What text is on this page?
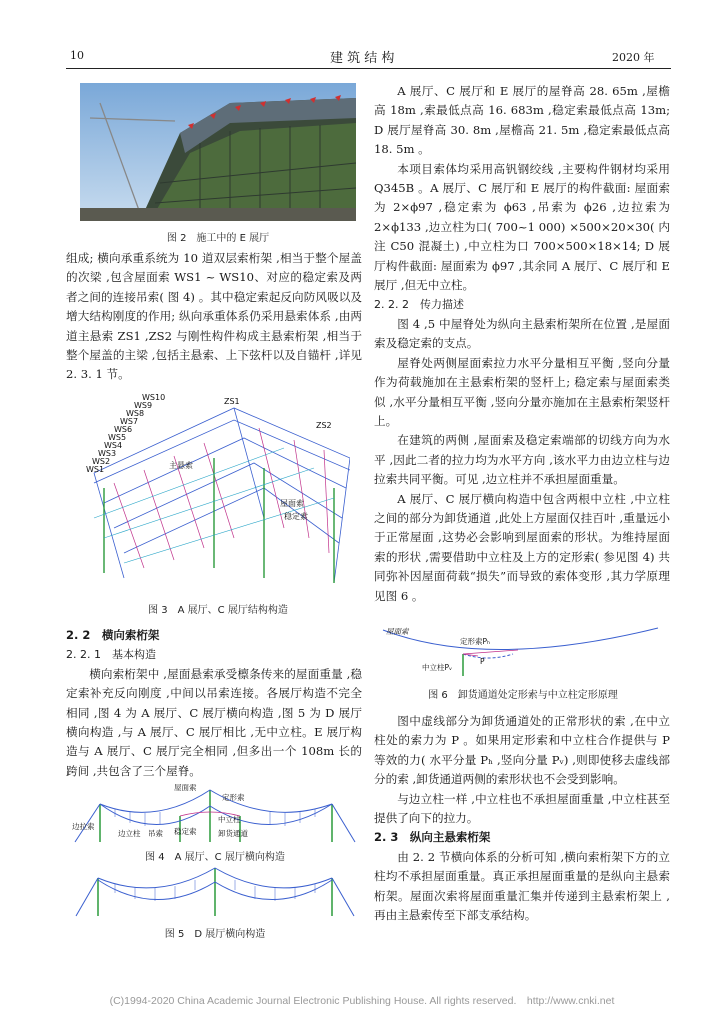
10	建 筑 结 构	2020 年
图 2　施工中的 E 展厅

组成; 横向承重系统为 10 道双层索桁架 ,相当于整个屋盖的次梁 ,包含屋面索 WS1 ~ WS10、对应的稳定索及两者之间的连接吊索( 图 4) 。其中稳定索起反向防风吸以及增大结构刚度的作用; 纵向承重体系仍采用悬索体系 ,由两道主悬索 ZS1 ,ZS2 与刚性构件构成主悬索桁架 ,相当于整个屋盖的主梁 ,包括主悬索、上下弦杆以及自锚杆 ,详见 2. 3. 1 节。

WS10
WS9
WS8
WS7
WS6
WS5
WS4
WS3
WS2
WS1
ZS1
ZS2
主悬索
屋面索
稳定索
图 3　A 展厅、C 展厅结构构造

2. 2　横向索桁架

2. 2. 1　基本构造

横向索桁架中 ,屋面悬索承受檩条传来的屋面重量 ,稳定索补充反向刚度 ,中间以吊索连接。各展厅构造不完全相同 ,图 4 为 A 展厅、C 展厅横向构造 ,图 5 为 D 展厅横向构造 ,与 A 展厅、C 展厅相比 ,无中立柱。E 展厅构造与 A 展厅、C 展厅完全相同 ,但多出一个 108m 长的跨间 ,共包含了三个屋脊。

屋面索
定形索
边拉索
边立柱 吊索 稳定索
中立柱
卸货通道
图 4　A 展厅、C 展厅横向构造
图 5　D 展厅横向构造

A 展厅、C 展厅和 E 展厅的屋脊高 28. 65m ,屋檐高 18m ,索最低点高 16. 683m ,稳定索最低点高 13m; D 展厅屋脊高 30. 8m ,屋檐高 21. 5m ,稳定索最低点高 18. 5m 。

本项目索体均采用高钒钢绞线 ,主要构件钢材均采用 Q345B 。A 展厅、C 展厅和 E 展厅的构件截面: 屋面索为 2×ϕ97 ,稳定索为 ϕ63 ,吊索为 ϕ26 ,边拉索为 2×ϕ133 ,边立柱为口( 700~1 000) ×500×20×30( 内注 C50 混凝土) ,中立柱为口 700×500×18×14; D 展厅构件截面: 屋面索为 ϕ97 ,其余同 A 展厅、C 展厅和 E 展厅 ,但无中立柱。

2. 2. 2　传力描述

图 4 ,5 中屋脊处为纵向主悬索桁架所在位置 ,是屋面索及稳定索的支点。

屋脊处两侧屋面索拉力水平分量相互平衡 ,竖向分量作为荷载施加在主悬索桁架的竖杆上; 稳定索与屋面索类似 ,水平分量相互平衡 ,竖向分量亦施加在主悬索桁架竖杆上。

在建筑的两侧 ,屋面索及稳定索端部的切线方向为水平 ,因此二者的拉力均为水平方向 ,该水平力由边立柱与边拉索共同平衡。可见 ,边立柱并不承担屋面重量。

A 展厅、C 展厅横向构造中包含两根中立柱 ,中立柱之间的部分为卸货通道 ,此处上方屋面仅挂百叶 ,重量远小于正常屋面 ,这势必会影响到屋面索的形状。为维持屋面索的形状 ,需要借助中立柱及上方的定形索( 参见图 4) 共同弥补因屋面荷载“损失”而导致的索体变形 ,其力学原理见图 6 。

屋面索
定形索Pₕ
中立柱Pᵥ
P
图 6　卸货通道处定形索与中立柱定形原理

图中虚线部分为卸货通道处的正常形状的索 ,在中立柱处的索力为 P 。如果用定形索和中立柱合作提供与 P 等效的力( 水平分量 Pₕ ,竖向分量 Pᵥ) ,则即使移去虚线部分的索 ,卸货通道两侧的索形状也不会受到影响。

与边立柱一样 ,中立柱也不承担屋面重量 ,中立柱甚至提供了向下的拉力。

2. 3　纵向主悬索桁架

由 2. 2 节横向体系的分析可知 ,横向索桁架下方的立柱均不承担屋面重量。真正承担屋面重量的是纵向主悬索桁架。屋面次索将屋面重量汇集并传递到主悬索桁架上 ,再由主悬索传至下部支承结构。

(C)1994-2020 China Academic Journal Electronic Publishing House. All rights reserved.　http://www.cnki.net
